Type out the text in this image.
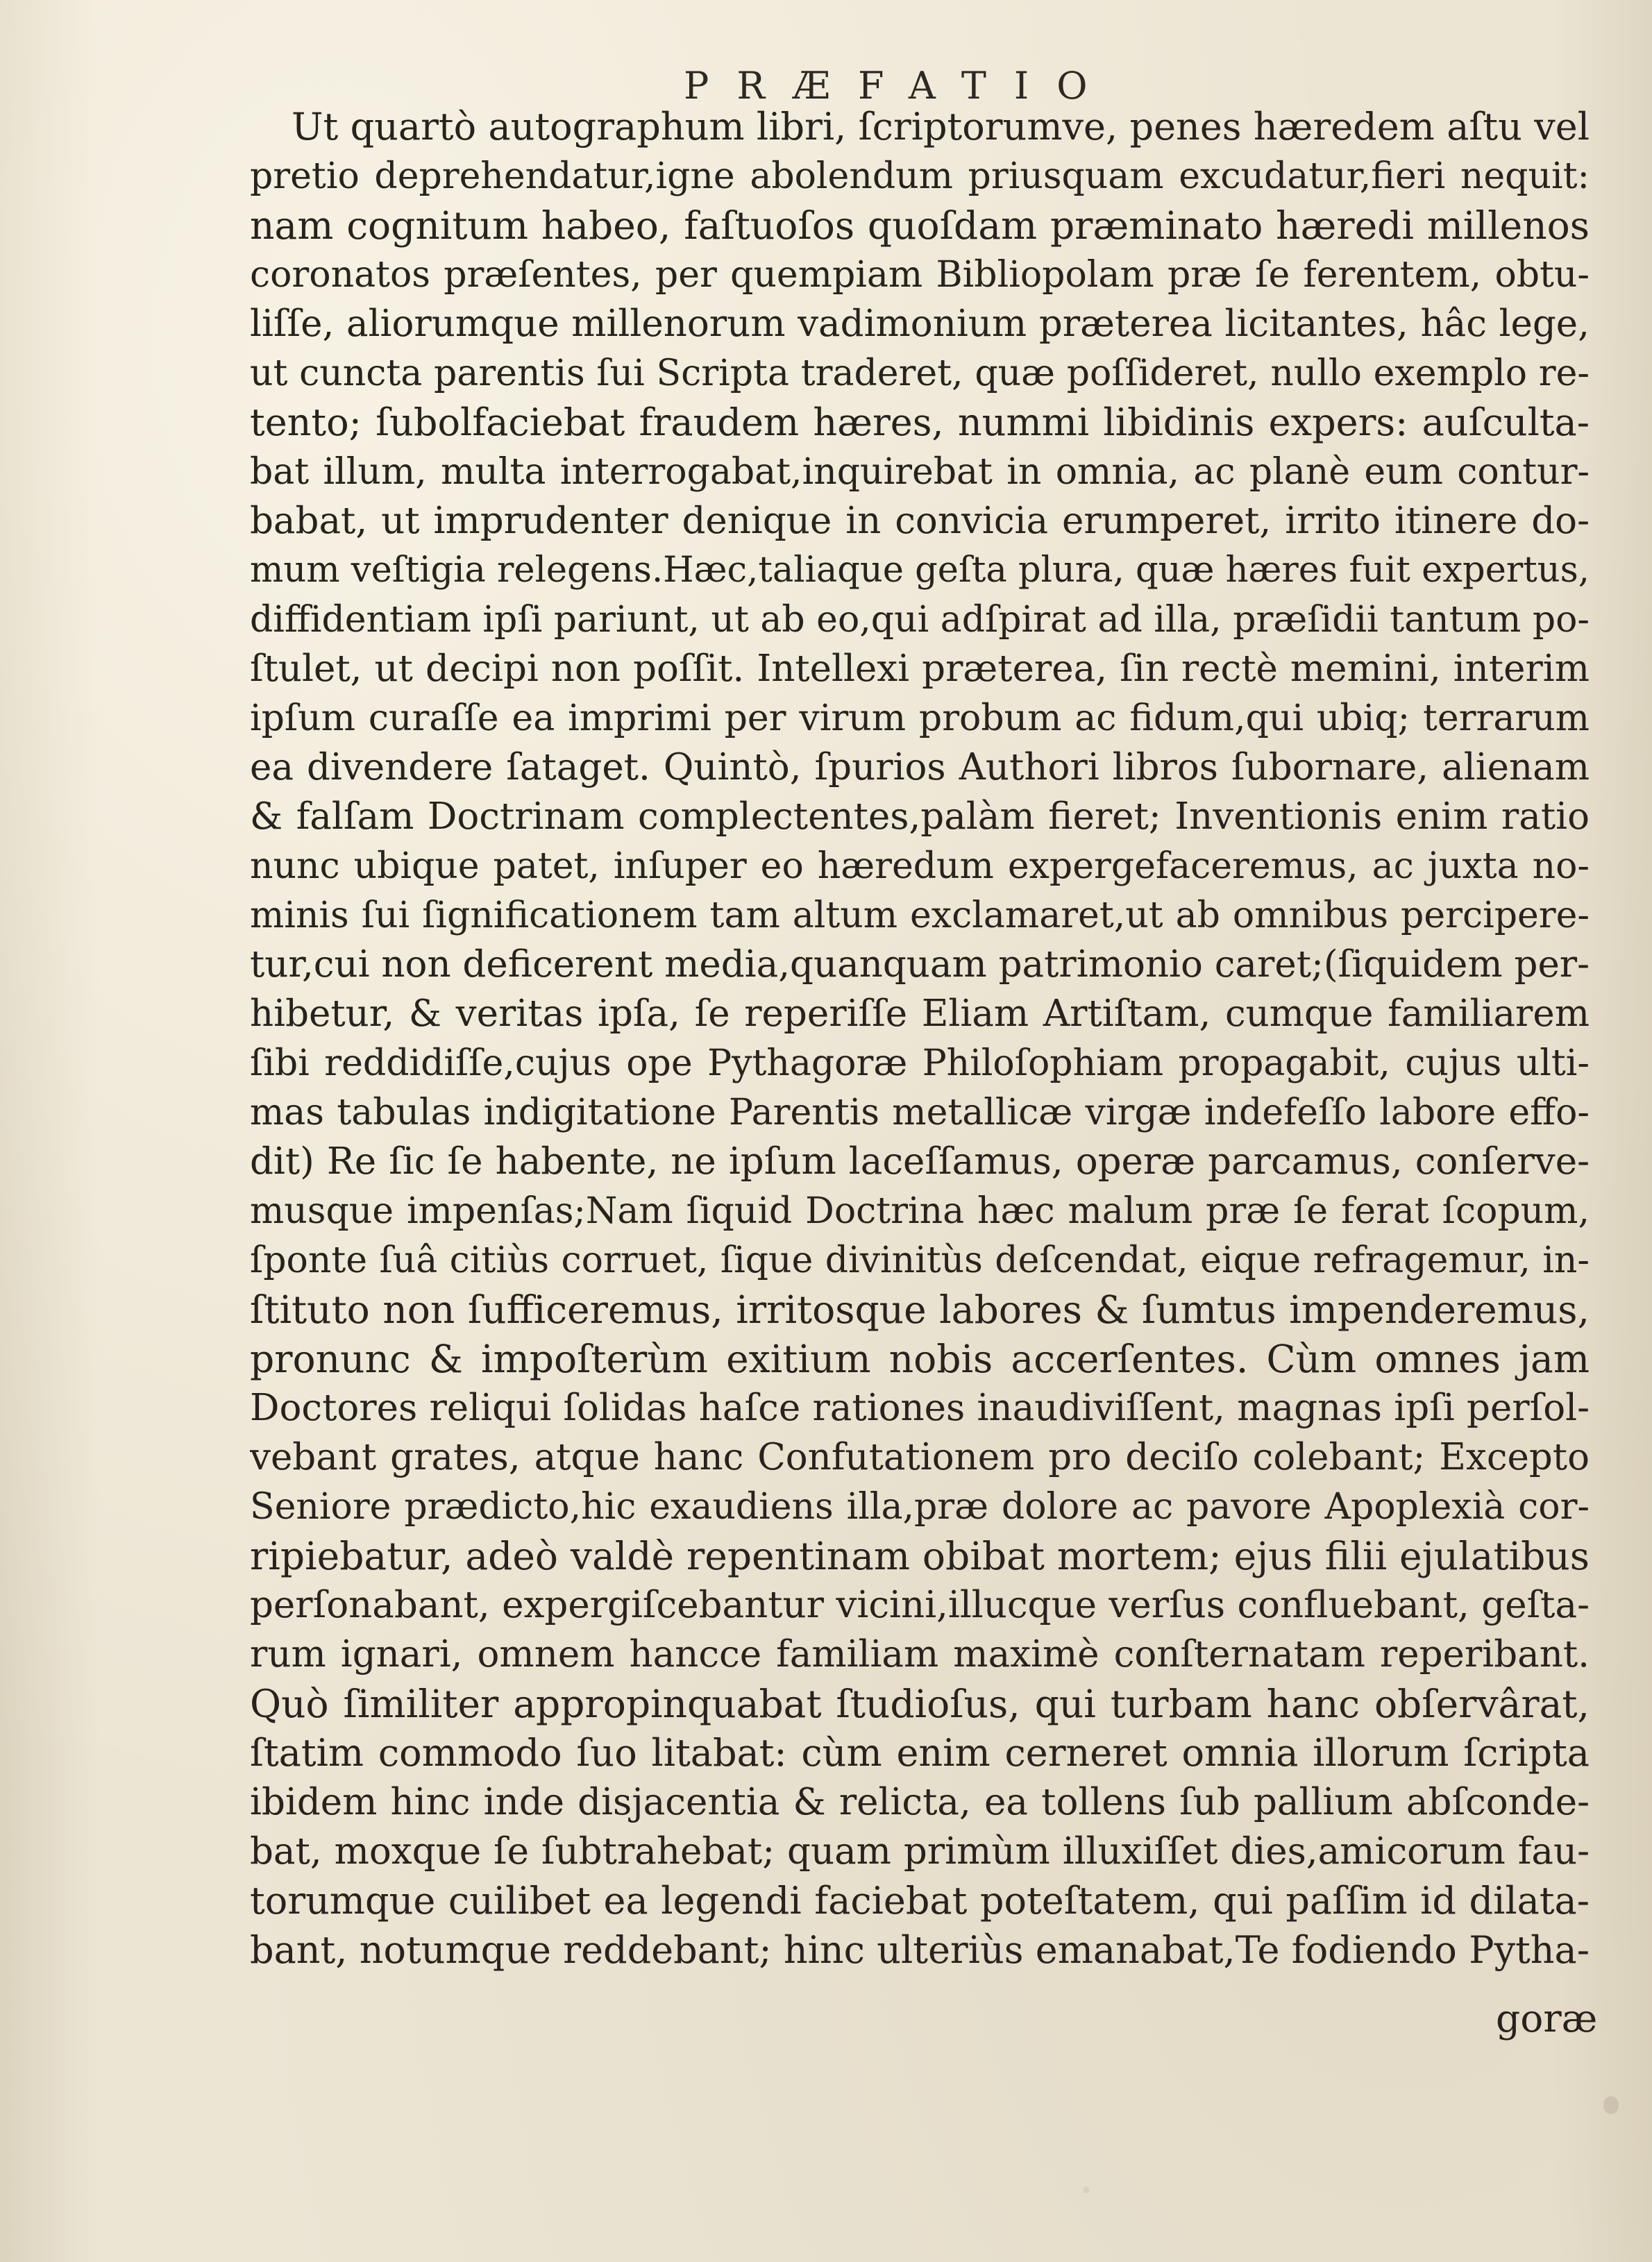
PRÆFATIO
Ut quartò autographum libri, ſcriptorumve, penes hæredem aſtu vel
pretio deprehendatur,igne abolendum priusquam excudatur,fieri nequit:
nam cognitum habeo, faſtuoſos quoſdam præminato hæredi millenos
coronatos præſentes, per quempiam Bibliopolam præ ſe ferentem, obtu-
liſſe, aliorumque millenorum vadimonium præterea licitantes, hâc lege,
ut cuncta parentis ſui Scripta traderet, quæ poſſideret, nullo exemplo re-
tento; ſubolfaciebat fraudem hæres, nummi libidinis expers: auſculta-
bat illum, multa interrogabat,inquirebat in omnia, ac planè eum contur-
babat, ut imprudenter denique in convicia erumperet, irrito itinere do-
mum veſtigia relegens.Hæc,taliaque geſta plura, quæ hæres fuit expertus,
diffidentiam ipſi pariunt, ut ab eo,qui adſpirat ad illa, præſidii tantum po-
ſtulet, ut decipi non poſſit. Intellexi præterea, ſin rectè memini, interim
ipſum curaſſe ea imprimi per virum probum ac fidum,qui ubiq; terrarum
ea divendere ſataget. Quintò, ſpurios Authori libros ſubornare, alienam
& falſam Doctrinam complectentes,palàm fieret; Inventionis enim ratio
nunc ubique patet, inſuper eo hæredum expergefaceremus, ac juxta no-
minis ſui ſignificationem tam altum exclamaret,ut ab omnibus percipere-
tur,cui non deficerent media,quanquam patrimonio caret;(ſiquidem per-
hibetur, & veritas ipſa, ſe reperiſſe Eliam Artiſtam, cumque familiarem
ſibi reddidiſſe,cujus ope Pythagoræ Philoſophiam propagabit, cujus ulti-
mas tabulas indigitatione Parentis metallicæ virgæ indefeſſo labore effo-
dit) Re ſic ſe habente, ne ipſum laceſſamus, operæ parcamus, conſerve-
musque impenſas;Nam ſiquid Doctrina hæc malum præ ſe ferat ſcopum,
ſponte ſuâ citiùs corruet, ſique divinitùs deſcendat, eique refragemur, in-
ſtituto non ſufficeremus, irritosque labores & ſumtus impenderemus,
pronunc & impoſterùm exitium nobis accerſentes. Cùm omnes jam
Doctores reliqui ſolidas haſce rationes inaudiviſſent, magnas ipſi perſol-
vebant grates, atque hanc Confutationem pro deciſo colebant; Excepto
Seniore prædicto,hic exaudiens illa,præ dolore ac pavore Apoplexià cor-
ripiebatur, adeò valdè repentinam obibat mortem; ejus filii ejulatibus
perſonabant, expergiſcebantur vicini,illucque verſus confluebant, geſta-
rum ignari, omnem hancce familiam maximè conſternatam reperibant.
Quò ſimiliter appropinquabat ſtudioſus, qui turbam hanc obſervârat,
ſtatim commodo ſuo litabat: cùm enim cerneret omnia illorum ſcripta
ibidem hinc inde disjacentia & relicta, ea tollens ſub pallium abſconde-
bat, moxque ſe ſubtrahebat; quam primùm illuxiſſet dies,amicorum fau-
torumque cuilibet ea legendi faciebat poteſtatem, qui paſſim id dilata-
bant, notumque reddebant; hinc ulteriùs emanabat,Te fodiendo Pytha-
goræ
